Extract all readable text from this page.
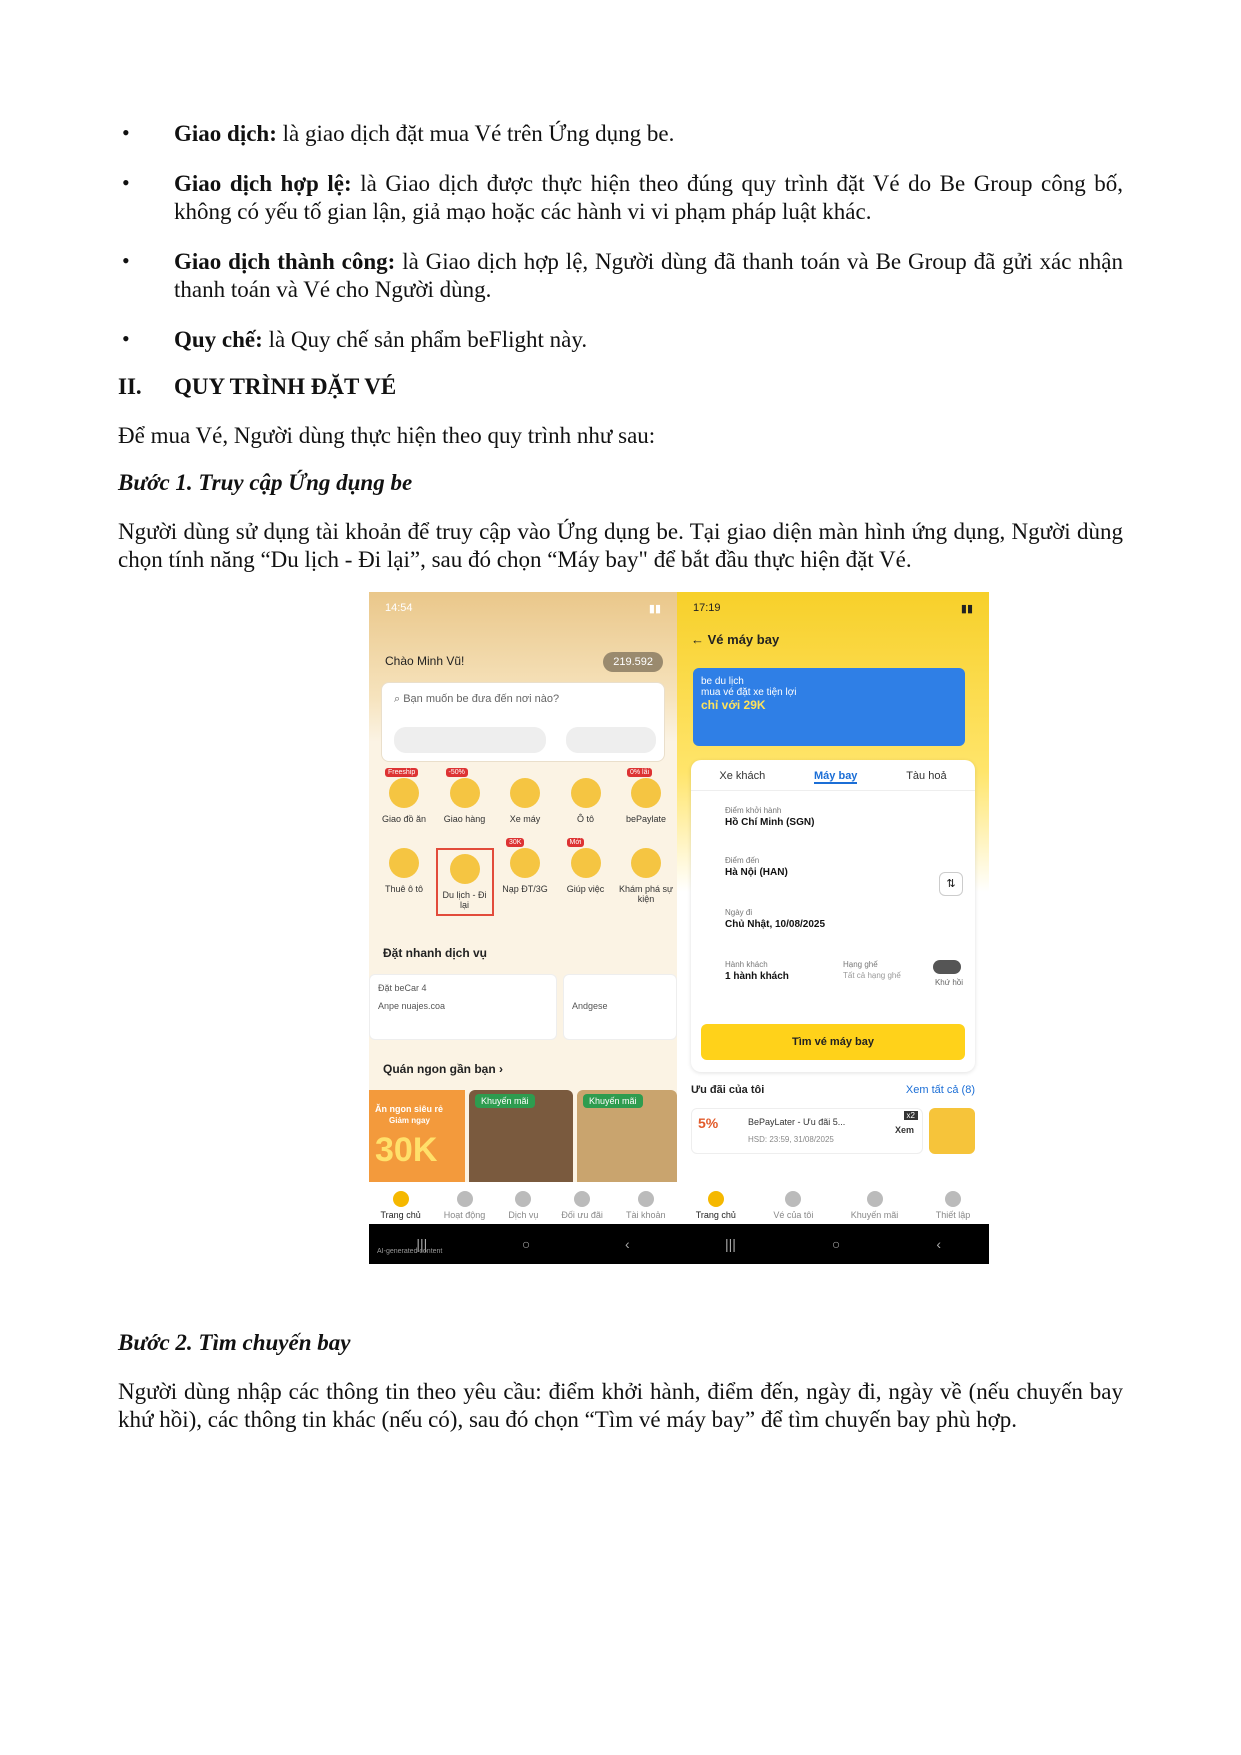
• Giao dịch: là giao dịch đặt mua Vé trên Ứng dụng be.
• Giao dịch hợp lệ: là Giao dịch được thực hiện theo đúng quy trình đặt Vé do Be Group công bố, không có yếu tố gian lận, giả mạo hoặc các hành vi vi phạm pháp luật khác.
• Giao dịch thành công: là Giao dịch hợp lệ, Người dùng đã thanh toán và Be Group đã gửi xác nhận thanh toán và Vé cho Người dùng.
• Quy chế: là Quy chế sản phẩm beFlight này.
II. QUY TRÌNH ĐẶT VÉ
Để mua Vé, Người dùng thực hiện theo quy trình như sau:
Bước 1. Truy cập Ứng dụng be
Người dùng sử dụng tài khoản để truy cập vào Ứng dụng be. Tại giao diện màn hình ứng dụng, Người dùng chọn tính năng “Du lịch - Đi lại”, sau đó chọn “Máy bay" để bắt đầu thực hiện đặt Vé.
Bước 2. Tìm chuyến bay
Người dùng nhập các thông tin theo yêu cầu: điểm khởi hành, điểm đến, ngày đi, ngày về (nếu chuyến bay khứ hồi), các thông tin khác (nếu có), sau đó chọn “Tìm vé máy bay” để tìm chuyến bay phù hợp.
14:54	▮▮
Chào Minh Vũ!	219.592
⌕ Bạn muốn be đưa đến nơi nào?
Freeship
Giao đồ ăn
-50%
Giao hàng	Xe máy	Ô tô
0% lãi
bePaylate
Thuê ô tô
Du lịch - Đi lại
30K
Nạp ĐT/3G
Mới
Giúp việc	Khám phá sự kiện
Đặt nhanh dịch vụ
Đặt beCar 4
Anpe nuajes.coa	Andgese
Quán ngon gần bạn ›
Ăn ngon siêu rẻ
Giảm ngay
30K
Khuyến mãi	Khuyến mãi
Trang chủ	Hoạt động	Dịch vụ	Đối ưu đãi	Tài khoản
|||	○	‹
AI-generated content
17:19	▮▮
← Vé máy bay
be du lịch
mua vé đặt xe tiện lợi
chỉ với 29K
Xe khách	Máy bay	Tàu hoả
Điểm khởi hành
Hồ Chí Minh (SGN)
Điểm đến
Hà Nội (HAN)
⇅
Ngày đi
Chủ Nhật, 10/08/2025
Khứ hồi
Hành khách
1 hành khách
Hạng ghế
Tất cả hạng ghế
Tìm vé máy bay
Ưu đãi của tôi	Xem tất cả (8)
5%	BePayLater - Ưu đãi 5...
HSD: 23:59, 31/08/2025
Xem
x2
Trang chủ	Vé của tôi	Khuyến mãi	Thiết lập
|||	○	‹
